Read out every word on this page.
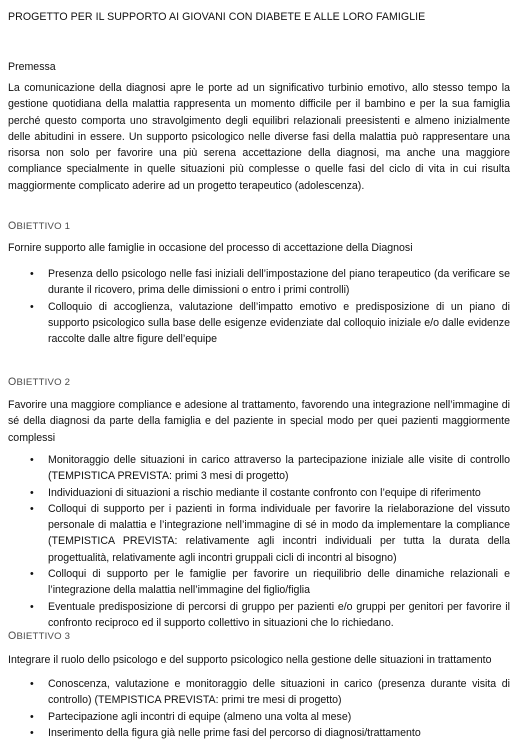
PROGETTO PER IL SUPPORTO AI GIOVANI CON DIABETE E ALLE LORO FAMIGLIE
Premessa

La comunicazione della diagnosi apre le porte ad un significativo turbinio emotivo, allo stesso tempo la gestione quotidiana della malattia rappresenta un momento difficile per il bambino e per la sua famiglia perché questo comporta uno stravolgimento degli equilibri relazionali preesistenti e almeno inizialmente delle abitudini in essere. Un supporto psicologico nelle diverse fasi della malattia può rappresentare una risorsa non solo per favorire una più serena accettazione della diagnosi, ma anche una maggiore compliance specialmente in quelle situazioni più complesse o quelle fasi del ciclo di vita in cui risulta maggiormente complicato aderire ad un progetto terapeutico (adolescenza).

OBIETTIVO 1

Fornire supporto alle famiglie in occasione del processo di accettazione della Diagnosi

• Presenza dello psicologo nelle fasi iniziali dell’impostazione del piano terapeutico (da verificare se durante il ricovero, prima delle dimissioni o entro i primi controlli)
• Colloquio di accoglienza, valutazione dell’impatto emotivo e predisposizione di un piano di supporto psicologico sulla base delle esigenze evidenziate dal colloquio iniziale e/o dalle evidenze raccolte dalle altre figure dell’equipe
OBIETTIVO 2

Favorire una maggiore compliance e adesione al trattamento, favorendo una integrazione nell’immagine di sé della diagnosi da parte della famiglia e del paziente in special modo per quei pazienti maggiormente complessi

• Monitoraggio delle situazioni in carico attraverso la partecipazione iniziale alle visite di controllo (TEMPISTICA PREVISTA: primi 3 mesi di progetto)
• Individuazioni di situazioni a rischio mediante il costante confronto con l’equipe di riferimento
• Colloqui di supporto per i pazienti in forma individuale per favorire la rielaborazione del vissuto personale di malattia e l’integrazione nell’immagine di sé in modo da implementare la compliance (TEMPISTICA PREVISTA: relativamente agli incontri individuali per tutta la durata della progettualità, relativamente agli incontri gruppali cicli di incontri al bisogno)
• Colloqui di supporto per le famiglie per favorire un riequilibrio delle dinamiche relazionali e l’integrazione della malattia nell’immagine del figlio/figlia
• Eventuale predisposizione di percorsi di gruppo per pazienti e/o gruppi per genitori per favorire il confronto reciproco ed il supporto collettivo in situazioni che lo richiedano.
OBIETTIVO 3

Integrare il ruolo dello psicologo e del supporto psicologico nella gestione delle situazioni in trattamento

• Conoscenza, valutazione e monitoraggio delle situazioni in carico (presenza durante visita di controllo) (TEMPISTICA PREVISTA: primi tre mesi di progetto)
• Partecipazione agli incontri di equipe (almeno una volta al mese)
• Inserimento della figura già nelle prime fasi del percorso di diagnosi/trattamento
